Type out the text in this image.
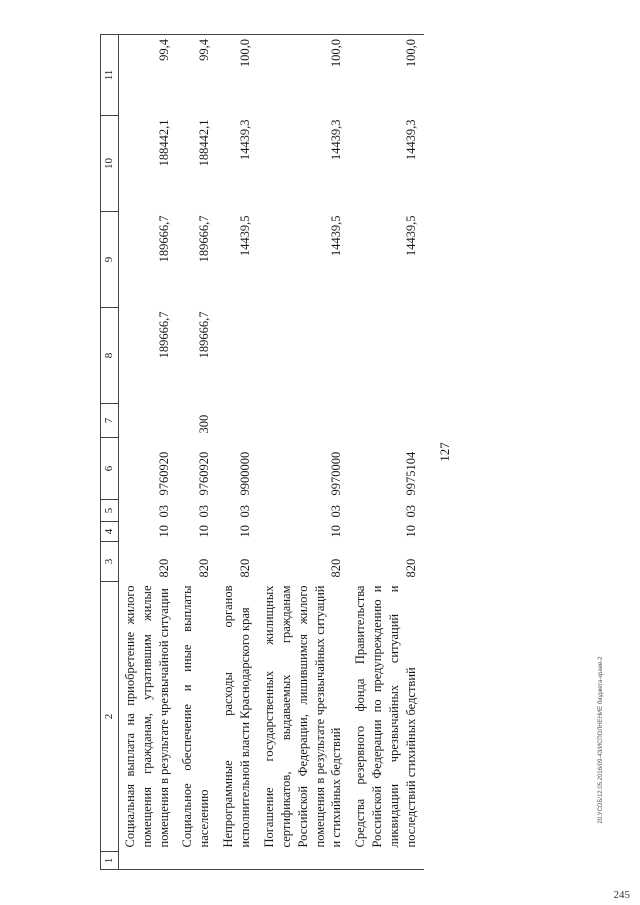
127
20.УСОБ/12.05.2016/09-43/ИСПОЛНЕНИЕ бюджета-краев-2
245
1	2	3	4	5	6	7	8	9	10	11
	Социальная выплата на приобретение жилого помещения гражданам, утратившим жилые помещения в результате чрезвычайной ситуации	820	10	03	9760920		189666,7	189666,7	188442,1	99,4
	Социальное обеспечение и иные выплаты населению	820	10	03	9760920	300	189666,7	189666,7	188442,1	99,4
	Непрограммные расходы органов исполнительной власти Краснодарского края	820	10	03	9900000			14439,5	14439,3	100,0
	Погашение государственных жилищных сертификатов, выдаваемых гражданам Российской Федерации, лишившимся жилого помещения в результате чрезвычайных ситуаций и стихийных бедствий	820	10	03	9970000			14439,5	14439,3	100,0
	Средства резервного фонда Правительства Российской Федерации по предупреждению и ликвидации чрезвычайных ситуаций и последствий стихийных бедствий	820	10	03	9975104			14439,5	14439,3	100,0
